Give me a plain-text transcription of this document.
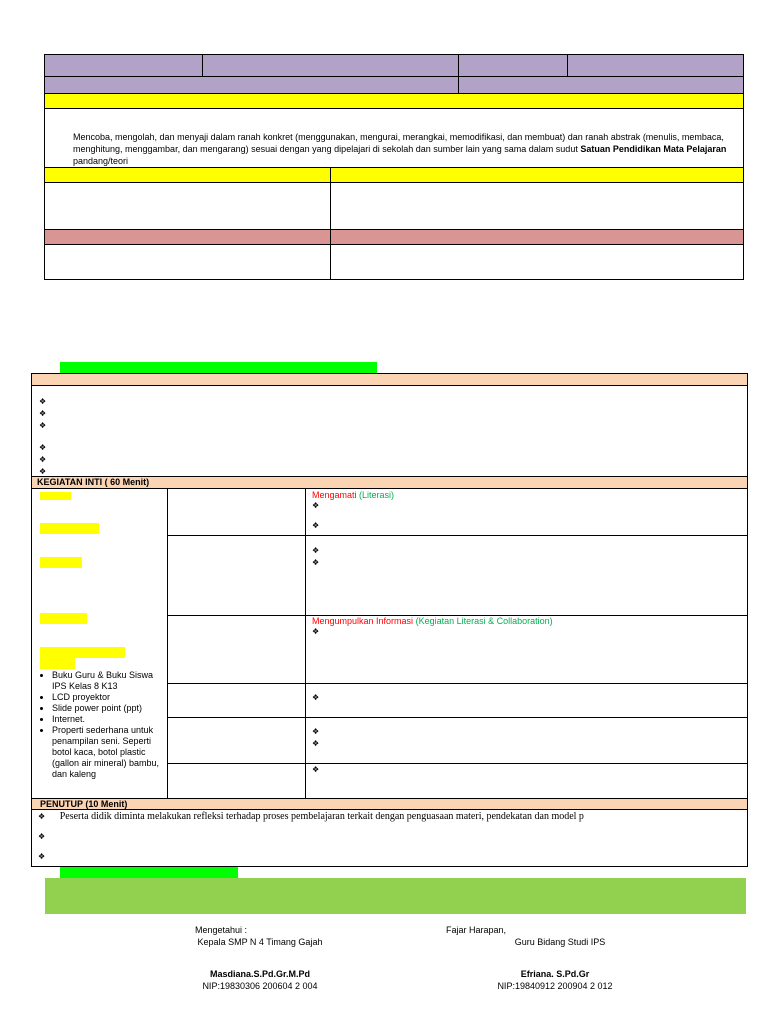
Mencoba, mengolah, dan menyaji dalam ranah konkret (menggunakan, mengurai, merangkai, memodifikasi, dan membuat) dan ranah abstrak (menulis, membaca, menghitung, menggambar, dan mengarang) sesuai dengan yang dipelajari di sekolah dan sumber lain yang sama dalam sudut Satuan Pendidikan Mata Pelajaran pandang/teori
❖
❖
❖
❖
❖
❖
KEGIATAN INTI ( 60 Menit)
• Buku Guru & Buku Siswa IPS Kelas 8 K13
• LCD proyektor
• Slide power point (ppt)
• Internet.
• Properti sederhana untuk penampilan seni. Seperti botol kaca, botol plastic (gallon air mineral) bambu, dan kaleng
Mengamati (Literasi)
❖
❖
❖
❖
Mengumpulkan Informasi (Kegiatan Literasi & Collaboration)
❖
❖
❖
❖
❖
PENUTUP (10 Menit)
❖ Peserta didik diminta melakukan refleksi terhadap proses pembelajaran terkait dengan penguasaan materi, pendekatan dan model p
❖
❖
Mengetahui :
Kepala SMP N 4 Timang Gajah
Masdiana.S.Pd.Gr.M.Pd
NIP:19830306 200604 2 004
Fajar Harapan,
Guru Bidang Studi IPS
Efriana. S.Pd.Gr
NIP:19840912 200904 2 012
